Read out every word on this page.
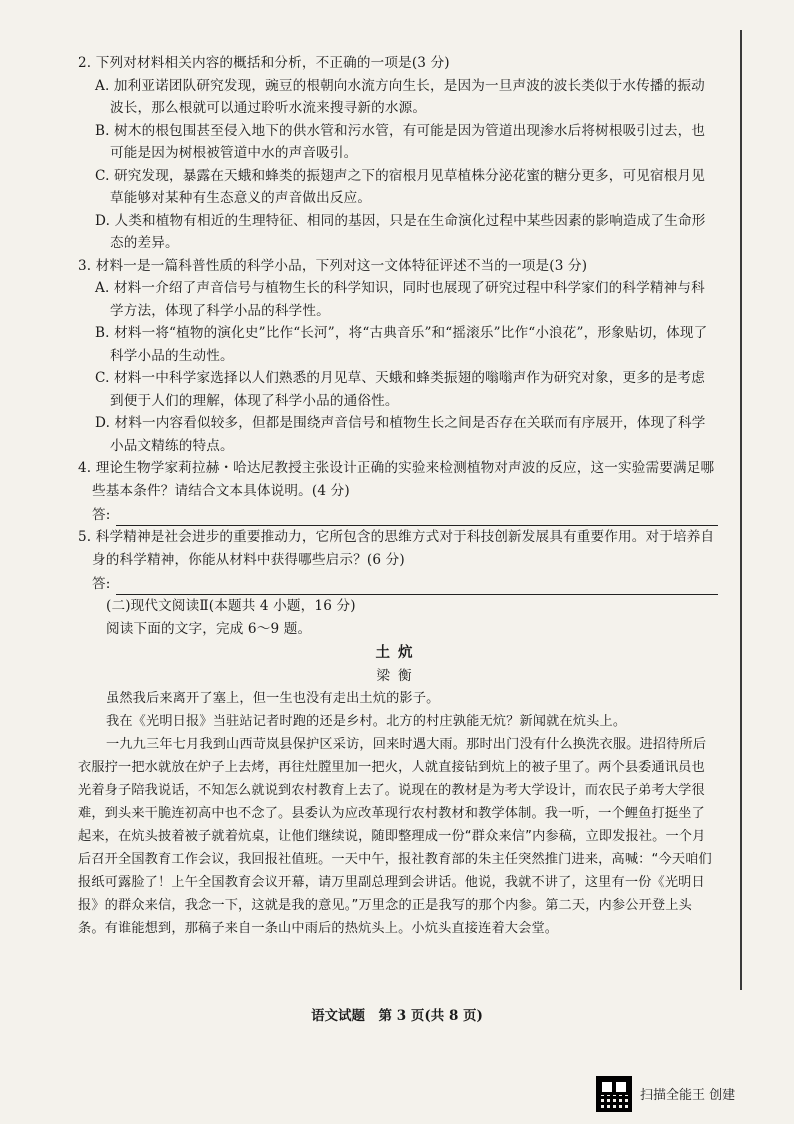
2. 下列对材料相关内容的概括和分析，不正确的一项是(3 分)

A. 加利亚诺团队研究发现，豌豆的根朝向水流方向生长，是因为一旦声波的波长类似于水传播的振动波长，那么根就可以通过聆听水流来搜寻新的水源。

B. 树木的根包围甚至侵入地下的供水管和污水管，有可能是因为管道出现渗水后将树根吸引过去，也可能是因为树根被管道中水的声音吸引。

C. 研究发现，暴露在天蛾和蜂类的振翅声之下的宿根月见草植株分泌花蜜的糖分更多，可见宿根月见草能够对某种有生态意义的声音做出反应。

D. 人类和植物有相近的生理特征、相同的基因，只是在生命演化过程中某些因素的影响造成了生命形态的差异。

3. 材料一是一篇科普性质的科学小品，下列对这一文体特征评述不当的一项是(3 分)

A. 材料一介绍了声音信号与植物生长的科学知识，同时也展现了研究过程中科学家们的科学精神与科学方法，体现了科学小品的科学性。

B. 材料一将“植物的演化史”比作“长河”，将“古典音乐”和“摇滚乐”比作“小浪花”，形象贴切，体现了科学小品的生动性。

C. 材料一中科学家选择以人们熟悉的月见草、天蛾和蜂类振翅的嗡嗡声作为研究对象，更多的是考虑到便于人们的理解，体现了科学小品的通俗性。

D. 材料一内容看似较多，但都是围绕声音信号和植物生长之间是否存在关联而有序展开，体现了科学小品文精练的特点。

4. 理论生物学家莉拉赫・哈达尼教授主张设计正确的实验来检测植物对声波的反应，这一实验需要满足哪些基本条件？请结合文本具体说明。(4 分)

答:

5. 科学精神是社会进步的重要推动力，它所包含的思维方式对于科技创新发展具有重要作用。对于培养自身的科学精神，你能从材料中获得哪些启示？(6 分)

答:

(二)现代文阅读Ⅱ(本题共 4 小题，16 分)

阅读下面的文字，完成 6～9 题。

土炕

梁衡

虽然我后来离开了塞上，但一生也没有走出土炕的影子。

我在《光明日报》当驻站记者时跑的还是乡村。北方的村庄孰能无炕？新闻就在炕头上。

一九九三年七月我到山西苛岚县保护区采访，回来时遇大雨。那时出门没有什么换洗衣服。进招待所后衣服拧一把水就放在炉子上去烤，再往灶膛里加一把火，人就直接钻到炕上的被子里了。两个县委通讯员也光着身子陪我说话，不知怎么就说到农村教育上去了。说现在的教材是为考大学设计，而农民子弟考大学很难，到头来干脆连初高中也不念了。县委认为应改革现行农村教材和教学体制。我一听，一个鲤鱼打挺坐了起来，在炕头披着被子就着炕桌，让他们继续说，随即整理成一份“群众来信”内参稿，立即发报社。一个月后召开全国教育工作会议，我回报社值班。一天中午，报社教育部的朱主任突然推门进来，高喊：“今天咱们报纸可露脸了！上午全国教育会议开幕，请万里副总理到会讲话。他说，我就不讲了，这里有一份《光明日报》的群众来信，我念一下，这就是我的意见。”万里念的正是我写的那个内参。第二天，内参公开登上头条。有谁能想到，那稿子来自一条山中雨后的热炕头上。小炕头直接连着大会堂。

语文试题　第 3 页(共 8 页)
扫描全能王 创建
